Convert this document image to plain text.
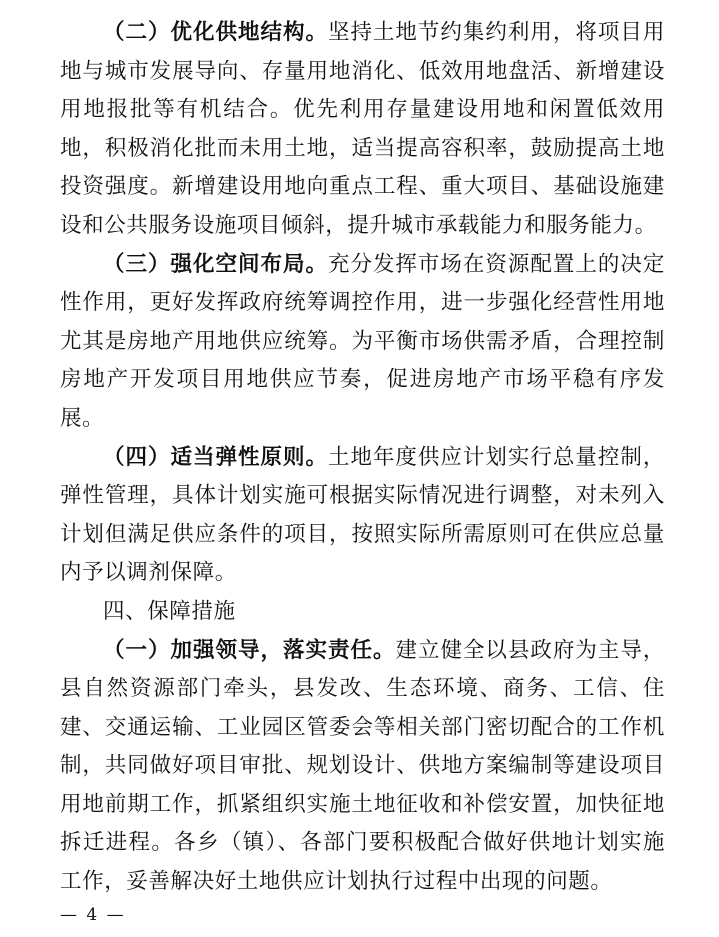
（二）优化供地结构。坚持土地节约集约利用，将项目用地与城市发展导向、存量用地消化、低效用地盘活、新增建设用地报批等有机结合。优先利用存量建设用地和闲置低效用地，积极消化批而未用土地，适当提高容积率，鼓励提高土地投资强度。新增建设用地向重点工程、重大项目、基础设施建设和公共服务设施项目倾斜，提升城市承载能力和服务能力。

（三）强化空间布局。充分发挥市场在资源配置上的决定性作用，更好发挥政府统筹调控作用，进一步强化经营性用地尤其是房地产用地供应统筹。为平衡市场供需矛盾，合理控制房地产开发项目用地供应节奏，促进房地产市场平稳有序发展。

（四）适当弹性原则。土地年度供应计划实行总量控制，弹性管理，具体计划实施可根据实际情况进行调整，对未列入计划但满足供应条件的项目，按照实际所需原则可在供应总量内予以调剂保障。

四、保障措施

（一）加强领导，落实责任。建立健全以县政府为主导，县自然资源部门牵头，县发改、生态环境、商务、工信、住建、交通运输、工业园区管委会等相关部门密切配合的工作机制，共同做好项目审批、规划设计、供地方案编制等建设项目用地前期工作，抓紧组织实施土地征收和补偿安置，加快征地拆迁进程。各乡（镇）、各部门要积极配合做好供地计划实施工作，妥善解决好土地供应计划执行过程中出现的问题。

— 4 —
